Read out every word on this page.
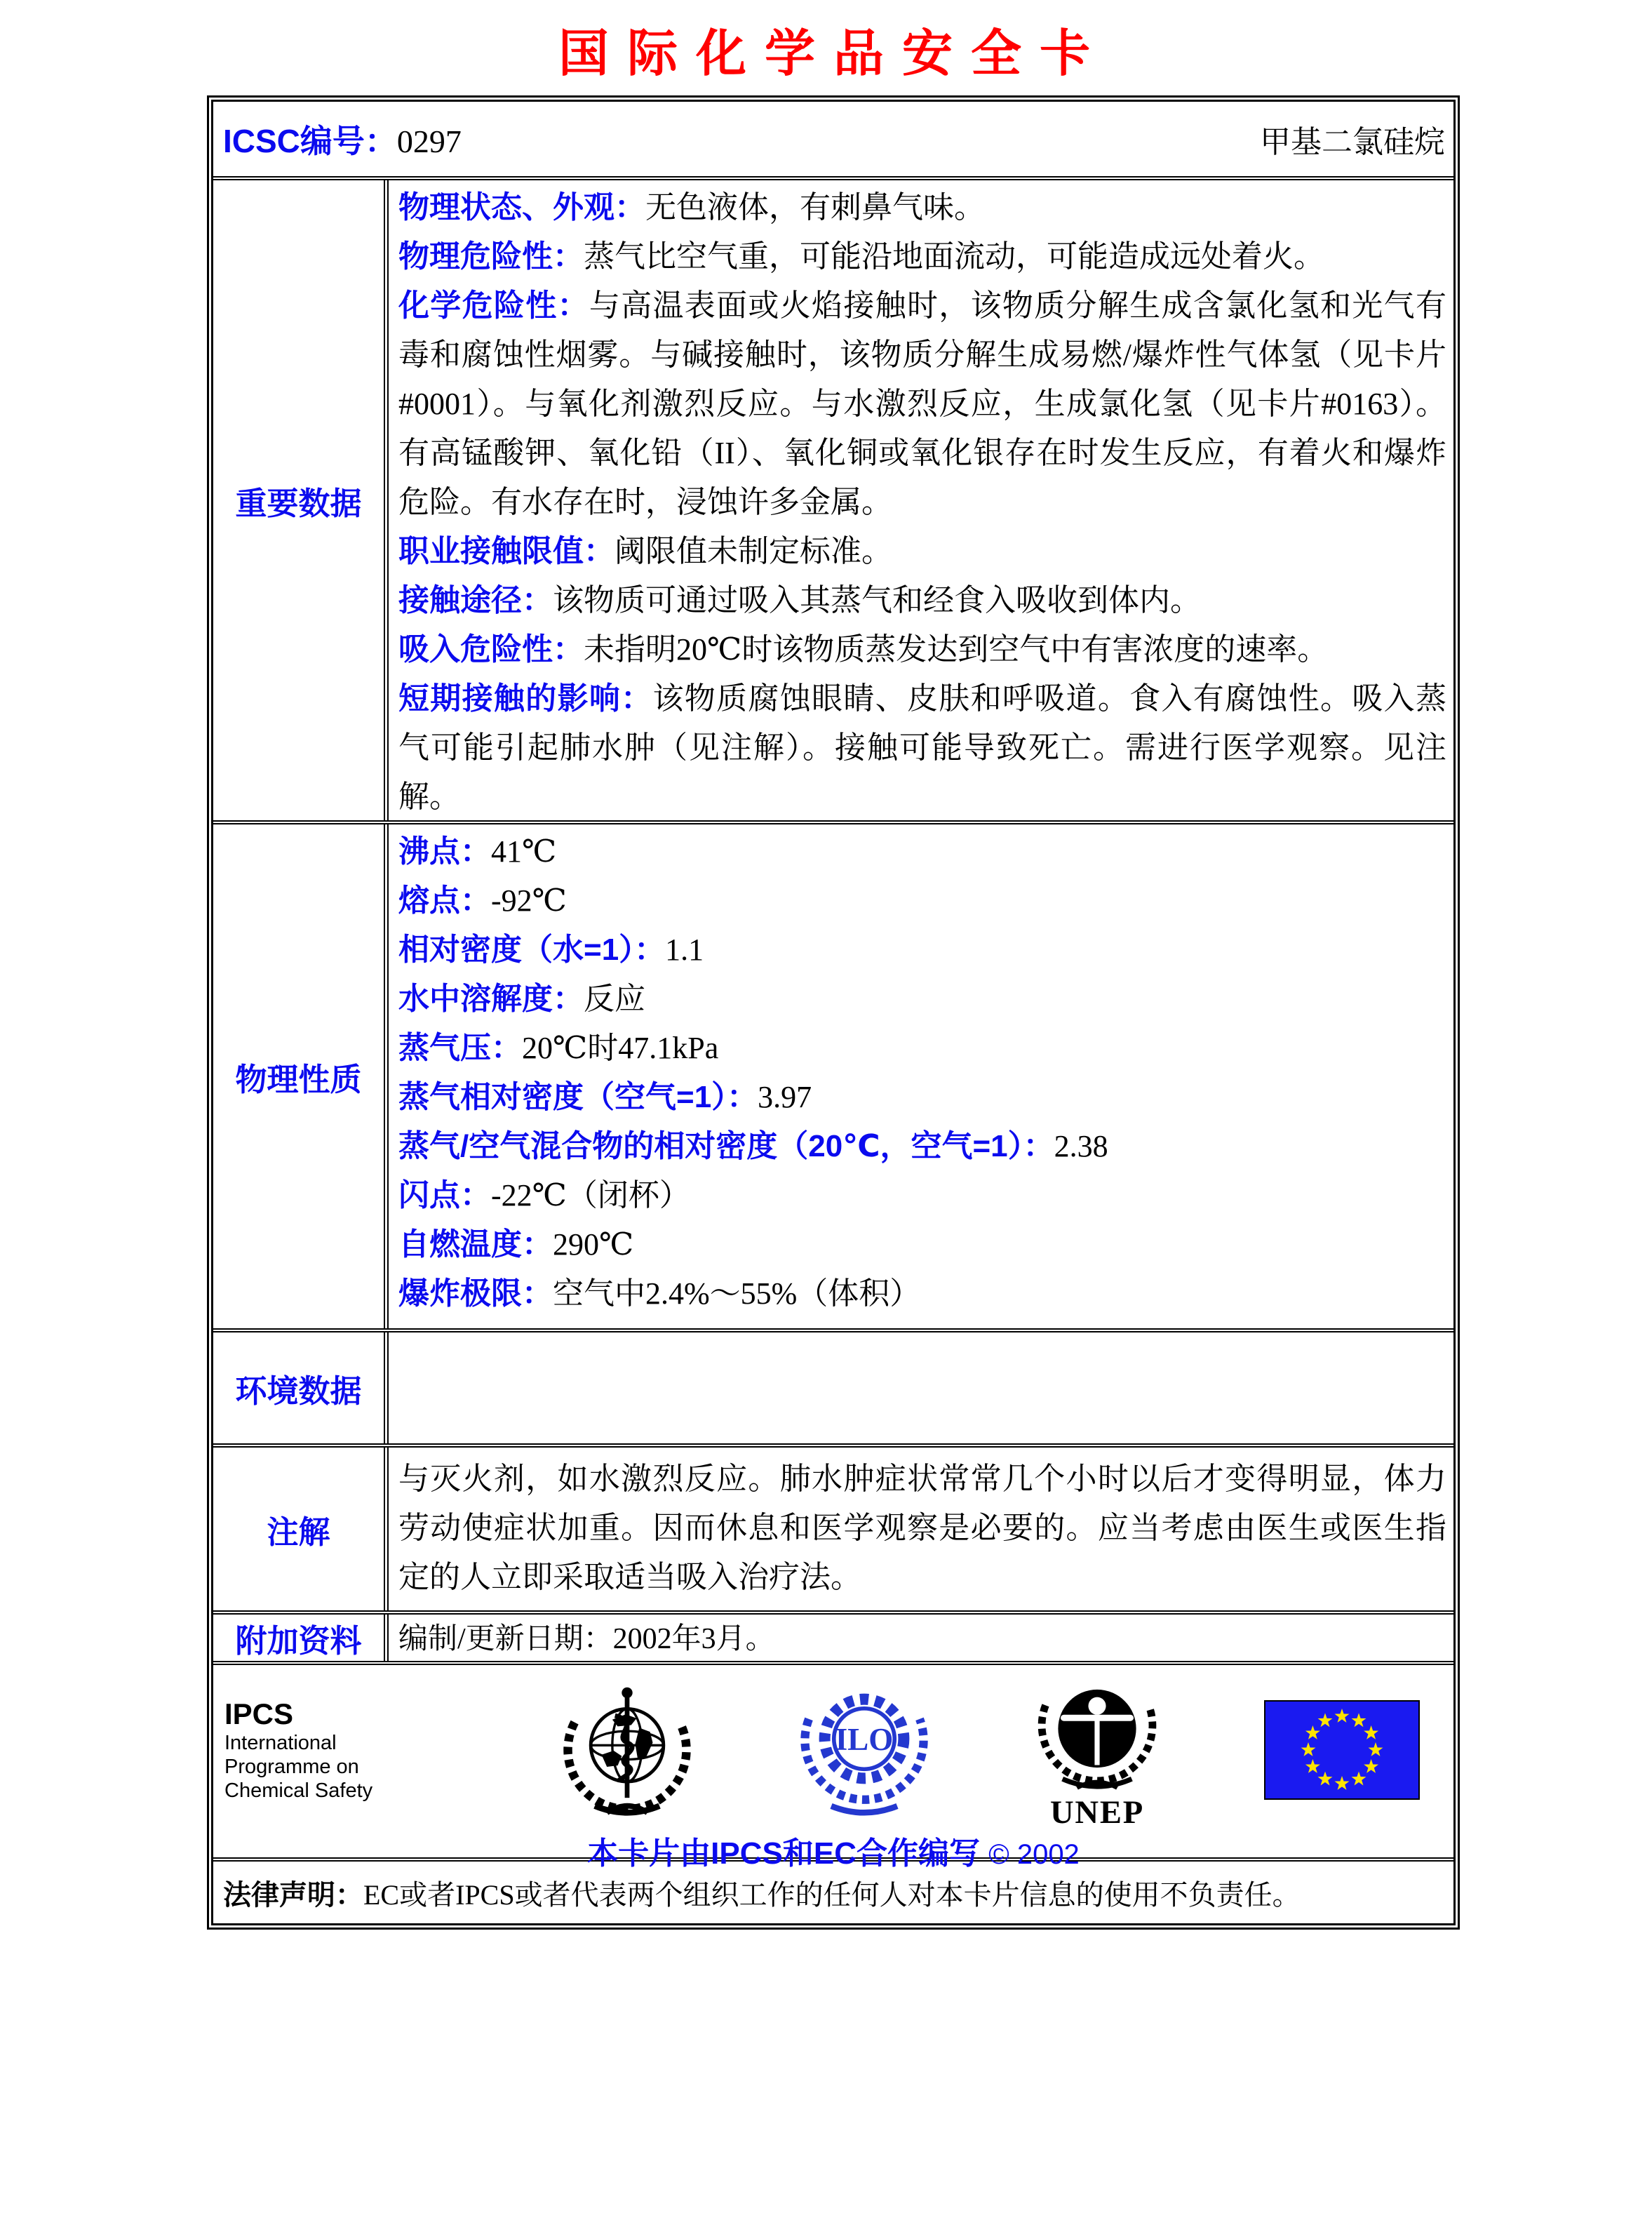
国际化学品安全卡
ICSC编号：0297	甲基二氯硅烷
重要数据

物理状态、外观：无色液体，有刺鼻气味。

物理危险性：蒸气比空气重，可能沿地面流动，可能造成远处着火。

化学危险性：与高温表面或火焰接触时，该物质分解生成含氯化氢和光气有毒和腐蚀性烟雾。与碱接触时，该物质分解生成易燃/爆炸性气体氢（见卡片#0001）。与氧化剂激烈反应。与水激烈反应，生成氯化氢（见卡片#0163）。有高锰酸钾、氧化铅（II）、氧化铜或氧化银存在时发生反应，有着火和爆炸危险。有水存在时，浸蚀许多金属。

职业接触限值：阈限值未制定标准。

接触途径：该物质可通过吸入其蒸气和经食入吸收到体内。

吸入危险性：未指明20℃时该物质蒸发达到空气中有害浓度的速率。

短期接触的影响：该物质腐蚀眼睛、皮肤和呼吸道。食入有腐蚀性。吸入蒸气可能引起肺水肿（见注解）。接触可能导致死亡。需进行医学观察。见注解。

物理性质

沸点：41℃

熔点：-92℃

相对密度（水=1）：1.1

水中溶解度：反应

蒸气压：20℃时47.1kPa

蒸气相对密度（空气=1）：3.97

蒸气/空气混合物的相对密度（20℃，空气=1）：2.38

闪点：-22℃（闭杯）

自燃温度：290℃

爆炸极限：空气中2.4%～55%（体积）

环境数据
注解

与灭火剂，如水激烈反应。肺水肿症状常常几个小时以后才变得明显，体力劳动使症状加重。因而休息和医学观察是必要的。应当考虑由医生或医生指定的人立即采取适当吸入治疗法。

附加资料	编制/更新日期：2002年3月。
IPCS
International
Programme on
Chemical Safety
ILO
UNEP
本卡片由IPCS和EC合作编写 © 2002
法律声明： EC或者IPCS或者代表两个组织工作的任何人对本卡片信息的使用不负责任。
